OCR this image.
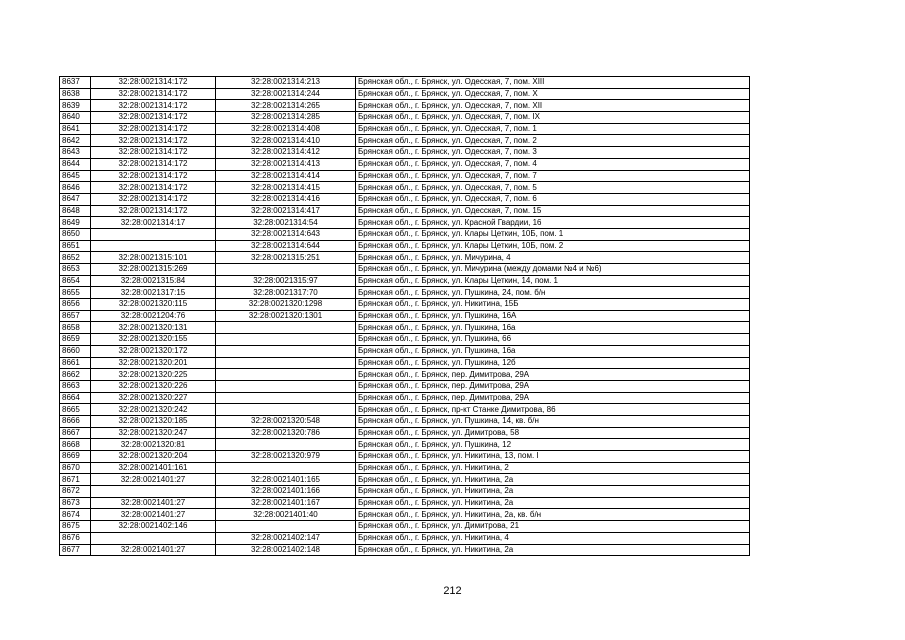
8637	32:28:0021314:172	32:28:0021314:213	Брянская обл., г. Брянск, ул. Одесская, 7, пом. XIII
8638	32:28:0021314:172	32:28:0021314:244	Брянская обл., г. Брянск, ул. Одесская, 7, пом. X
8639	32:28:0021314:172	32:28:0021314:265	Брянская обл., г. Брянск, ул. Одесская, 7, пом. XII
8640	32:28:0021314:172	32:28:0021314:285	Брянская обл., г. Брянск, ул. Одесская, 7, пом. IX
8641	32:28:0021314:172	32:28:0021314:408	Брянская обл., г. Брянск, ул. Одесская, 7, пом. 1
8642	32:28:0021314:172	32:28:0021314:410	Брянская обл., г. Брянск, ул. Одесская, 7, пом. 2
8643	32:28:0021314:172	32:28:0021314:412	Брянская обл., г. Брянск, ул. Одесская, 7, пом. 3
8644	32:28:0021314:172	32:28:0021314:413	Брянская обл., г. Брянск, ул. Одесская, 7, пом. 4
8645	32:28:0021314:172	32:28:0021314:414	Брянская обл., г. Брянск, ул. Одесская, 7, пом. 7
8646	32:28:0021314:172	32:28:0021314:415	Брянская обл., г. Брянск, ул. Одесская, 7, пом. 5
8647	32:28:0021314:172	32:28:0021314:416	Брянская обл., г. Брянск, ул. Одесская, 7, пом. 6
8648	32:28:0021314:172	32:28:0021314:417	Брянская обл., г. Брянск, ул. Одесская, 7, пом. 15
8649	32:28:0021314:17	32:28:0021314:54	Брянская обл., г. Брянск, ул. Красной Гвардии, 16
8650		32:28:0021314:643	Брянская обл., г. Брянск, ул. Клары Цеткин, 10Б, пом. 1
8651		32:28:0021314:644	Брянская обл., г. Брянск, ул. Клары Цеткин, 10Б, пом. 2
8652	32:28:0021315:101	32:28:0021315:251	Брянская обл., г. Брянск, ул. Мичурина, 4
8653	32:28:0021315:269		Брянская обл., г. Брянск, ул. Мичурина (между домами №4 и №6)
8654	32:28:0021315:84	32:28:0021315:97	Брянская обл., г. Брянск, ул. Клары Цеткин, 14, пом. 1
8655	32:28:0021317:15	32:28:0021317:70	Брянская обл., г. Брянск, ул. Пушкина, 24, пом. б/н
8656	32:28:0021320:115	32:28:0021320:1298	Брянская обл., г. Брянск, ул. Никитина, 15Б
8657	32:28:0021204:76	32:28:0021320:1301	Брянская обл., г. Брянск, ул. Пушкина, 16А
8658	32:28:0021320:131		Брянская обл., г. Брянск, ул. Пушкина, 16а
8659	32:28:0021320:155		Брянская обл., г. Брянск, ул. Пушкина, 66
8660	32:28:0021320:172		Брянская обл., г. Брянск, ул. Пушкина, 16а
8661	32:28:0021320:201		Брянская обл., г. Брянск, ул. Пушкина, 12б
8662	32:28:0021320:225		Брянская обл., г. Брянск, пер. Димитрова, 29А
8663	32:28:0021320:226		Брянская обл., г. Брянск, пер. Димитрова, 29А
8664	32:28:0021320:227		Брянская обл., г. Брянск, пер. Димитрова, 29А
8665	32:28:0021320:242		Брянская обл., г. Брянск, пр-кт Станке Димитрова, 86
8666	32:28:0021320:185	32:28:0021320:548	Брянская обл., г. Брянск, ул. Пушкина, 14, кв. б/н
8667	32:28:0021320:247	32:28:0021320:786	Брянская обл., г. Брянск, ул. Димитрова, 58
8668	32:28:0021320:81		Брянская обл., г. Брянск, ул. Пушкина, 12
8669	32:28:0021320:204	32:28:0021320:979	Брянская обл., г. Брянск, ул. Никитина, 13, пом. I
8670	32:28:0021401:161		Брянская обл., г. Брянск, ул. Никитина, 2
8671	32:28:0021401:27	32:28:0021401:165	Брянская обл., г. Брянск, ул. Никитина, 2а
8672		32:28:0021401:166	Брянская обл., г. Брянск, ул. Никитина, 2а
8673	32:28:0021401:27	32:28:0021401:167	Брянская обл., г. Брянск, ул. Никитина, 2а
8674	32:28:0021401:27	32:28:0021401:40	Брянская обл., г. Брянск, ул. Никитина, 2а, кв. б/н
8675	32:28:0021402:146		Брянская обл., г. Брянск, ул. Димитрова, 21
8676		32:28:0021402:147	Брянская обл., г. Брянск, ул. Никитина, 4
8677	32:28:0021401:27	32:28:0021402:148	Брянская обл., г. Брянск, ул. Никитина, 2а
212
